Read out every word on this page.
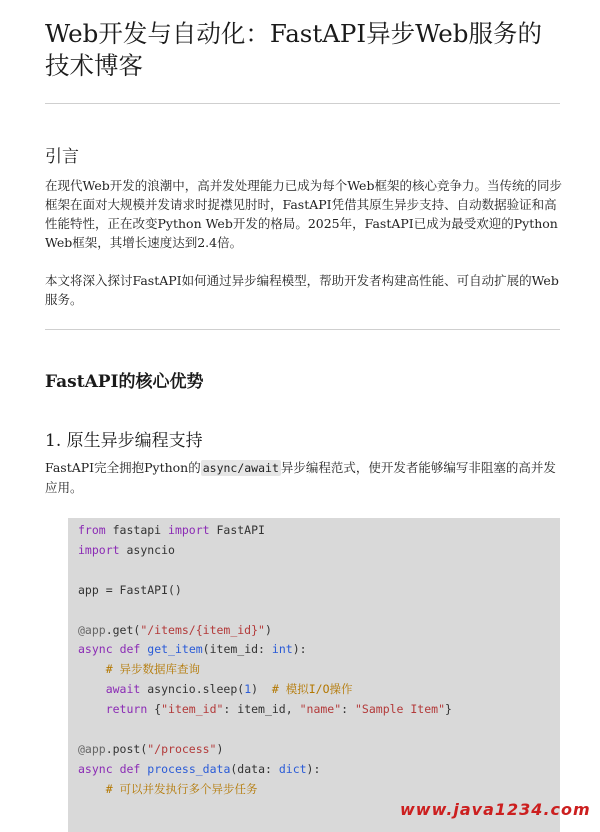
Web开发与自动化：FastAPI异步Web服务的技术博客
引言

在现代Web开发的浪潮中，高并发处理能力已成为每个Web框架的核心竞争力。当传统的同步框架在面对大规模并发请求时捉襟见肘时，FastAPI凭借其原生异步支持、自动数据验证和高性能特性，正在改变Python Web开发的格局。2025年，FastAPI已成为最受欢迎的Python Web框架，其增长速度达到2.4倍。

本文将深入探讨FastAPI如何通过异步编程模型，帮助开发者构建高性能、可自动扩展的Web服务。

FastAPI的核心优势
1. 原生异步编程支持

FastAPI完全拥抱Python的 async/await 异步编程范式，使开发者能够编写非阻塞的高并发应用。

from fastapi import FastAPI
import asyncio

app = FastAPI()

@app.get("/items/{item_id}")
async def get_item(item_id: int):
# 异步数据库查询
await asyncio.sleep(1)  # 模拟I/O操作
return {"item_id": item_id, "name": "Sample Item"}

@app.post("/process")
async def process_data(data: dict):
# 可以并发执行多个异步任务
www.java1234.com
